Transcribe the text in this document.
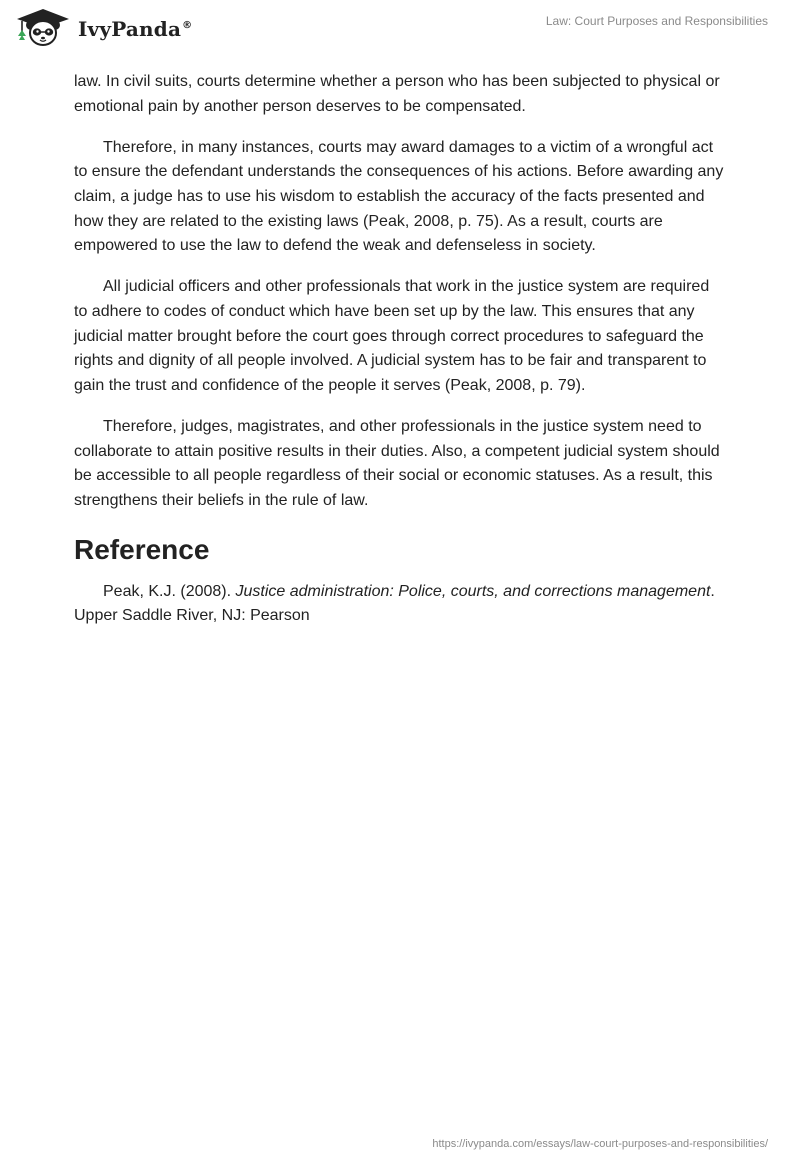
IvyPanda®	Law: Court Purposes and Responsibilities

law. In civil suits, courts determine whether a person who has been subjected to physical or emotional pain by another person deserves to be compensated.

Therefore, in many instances, courts may award damages to a victim of a wrongful act to ensure the defendant understands the consequences of his actions. Before awarding any claim, a judge has to use his wisdom to establish the accuracy of the facts presented and how they are related to the existing laws (Peak, 2008, p. 75). As a result, courts are empowered to use the law to defend the weak and defenseless in society.

All judicial officers and other professionals that work in the justice system are required to adhere to codes of conduct which have been set up by the law. This ensures that any judicial matter brought before the court goes through correct procedures to safeguard the rights and dignity of all people involved. A judicial system has to be fair and transparent to gain the trust and confidence of the people it serves (Peak, 2008, p. 79).

Therefore, judges, magistrates, and other professionals in the justice system need to collaborate to attain positive results in their duties. Also, a competent judicial system should be accessible to all people regardless of their social or economic statuses. As a result, this strengthens their beliefs in the rule of law.

Reference

Peak, K.J. (2008). Justice administration: Police, courts, and corrections management. Upper Saddle River, NJ: Pearson

https://ivypanda.com/essays/law-court-purposes-and-responsibilities/
